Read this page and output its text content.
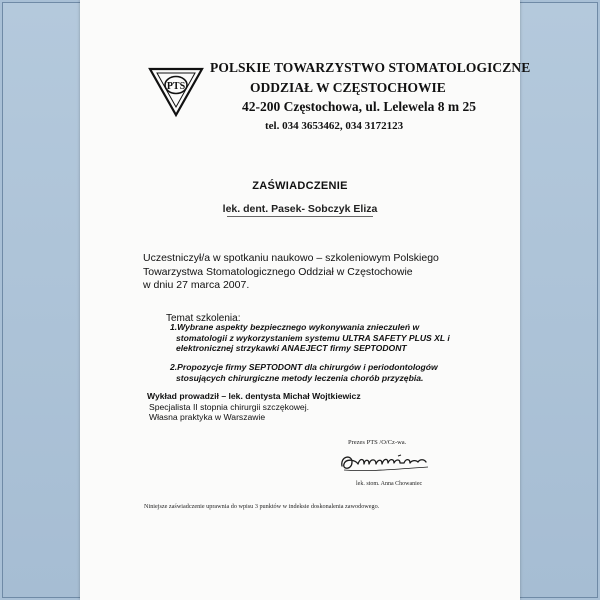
PTS
POLSKIE TOWARZYSTWO STOMATOLOGICZNE
ODDZIAŁ W CZĘSTOCHOWIE
42-200 Częstochowa, ul. Lelewela 8 m 25
tel. 034 3653462, 034 3172123
ZAŚWIADCZENIE
lek. dent. Pasek- Sobczyk Eliza
Uczestniczył/a w spotkaniu naukowo – szkoleniowym Polskiego
Towarzystwa Stomatologicznego Oddział w Częstochowie
w dniu 27 marca 2007.
Temat szkolenia:
1.Wybrane aspekty bezpiecznego wykonywania znieczuleń w
stomatologii z wykorzystaniem systemu ULTRA SAFETY PLUS XL i
elektronicznej strzykawki ANAEJECT firmy SEPTODONT
2.Propozycje firmy SEPTODONT dla chirurgów i periodontologów
stosujących chirurgiczne metody leczenia chorób przyzębia.
Wykład prowadził – lek. dentysta Michał Wojtkiewicz
Specjalista II stopnia chirurgii szczękowej.
Własna praktyka w Warszawie
Prezes PTS /O/Cz-wa.
lek. stom. Anna Chowaniec
Niniejsze zaświadczenie uprawnia do wpisu 3 punktów w indeksie doskonalenia zawodowego.
